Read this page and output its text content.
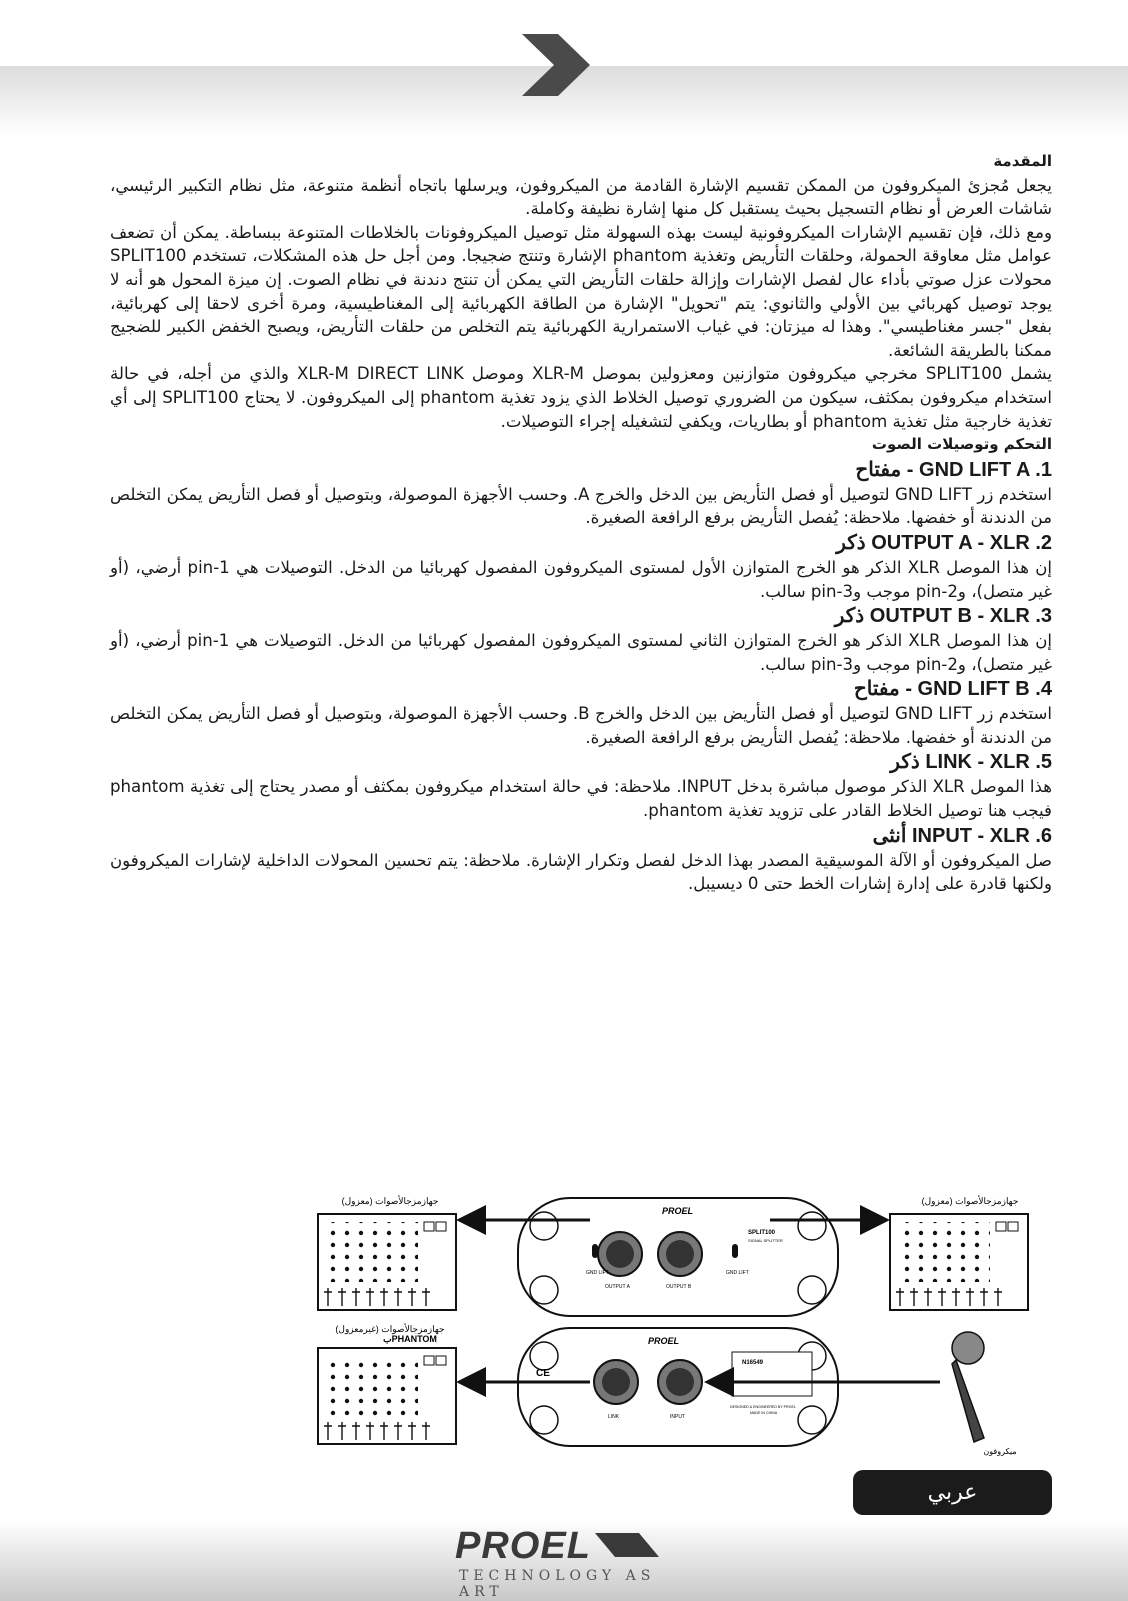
المقدمة

يجعل مُجزئ الميكروفون من الممكن تقسيم الإشارة القادمة من الميكروفون، ويرسلها باتجاه أنظمة متنوعة، مثل نظام التكبير الرئيسي، شاشات العرض أو نظام التسجيل بحيث يستقبل كل منها إشارة نظيفة وكاملة.

ومع ذلك، فإن تقسيم الإشارات الميكروفونية ليست بهذه السهولة مثل توصيل الميكروفونات بالخلاطات المتنوعة ببساطة. يمكن أن تضعف عوامل مثل معاوقة الحمولة، وحلقات التأريض وتغذية phantom الإشارة وتنتج ضجيجا. ومن أجل حل هذه المشكلات، تستخدم SPLIT100 محولات عزل صوتي بأداء عال لفصل الإشارات وإزالة حلقات التأريض التي يمكن أن تنتج دندنة في نظام الصوت. إن ميزة المحول هو أنه لا يوجد توصيل كهربائي بين الأولي والثانوي: يتم "تحويل" الإشارة من الطاقة الكهربائية إلى المغناطيسية، ومرة أخرى لاحقا إلى كهربائية، بفعل "جسر مغناطيسي". وهذا له ميزتان: في غياب الاستمرارية الكهربائية يتم التخلص من حلقات التأريض، ويصبح الخفض الكبير للضجيج ممكنا بالطريقة الشائعة.

يشمل SPLIT100 مخرجي ميكروفون متوازنين ومعزولين بموصل XLR-M وموصل XLR-M DIRECT LINK والذي من أجله، في حالة استخدام ميكروفون بمكثف، سيكون من الضروري توصيل الخلاط الذي يزود تغذية phantom إلى الميكروفون. لا يحتاج SPLIT100 إلى أي تغذية خارجية مثل تغذية phantom أو بطاريات، ويكفي لتشغيله إجراء التوصيلات.

التحكم وتوصيلات الصوت

GND LIFT A .1 - مفتاح

استخدم زر GND LIFT لتوصيل أو فصل التأريض بين الدخل والخرج A. وحسب الأجهزة الموصولة، وبتوصيل أو فصل التأريض يمكن التخلص من الدندنة أو خفضها. ملاحظة: يُفصل التأريض برفع الرافعة الصغيرة.

OUTPUT A - XLR .2 ذكر

إن هذا الموصل XLR الذكر هو الخرج المتوازن الأول لمستوى الميكروفون المفصول كهربائيا من الدخل. التوصيلات هي pin-1 أرضي، (أو غير متصل)، وpin-2 موجب وpin-3 سالب.

OUTPUT B - XLR .3 ذكر

إن هذا الموصل XLR الذكر هو الخرج المتوازن الثاني لمستوى الميكروفون المفصول كهربائيا من الدخل. التوصيلات هي pin-1 أرضي، (أو غير متصل)، وpin-2 موجب وpin-3 سالب.

GND LIFT B .4 - مفتاح

استخدم زر GND LIFT لتوصيل أو فصل التأريض بين الدخل والخرج B. وحسب الأجهزة الموصولة، وبتوصيل أو فصل التأريض يمكن التخلص من الدندنة أو خفضها. ملاحظة: يُفصل التأريض برفع الرافعة الصغيرة.

LINK - XLR .5 ذكر

هذا الموصل XLR الذكر موصول مباشرة بدخل INPUT. ملاحظة: في حالة استخدام ميكروفون بمكثف أو مصدر يحتاج إلى تغذية phantom فيجب هنا توصيل الخلاط القادر على تزويد تغذية phantom.

INPUT - XLR .6 أنثى

صل الميكروفون أو الآلة الموسيقية المصدر بهذا الدخل لفصل وتكرار الإشارة. ملاحظة: يتم تحسين المحولات الداخلية لإشارات الميكروفون ولكنها قادرة على إدارة إشارات الخط حتى 0 ديسيبل.

جهازمزجالأصوات (معزول)	جهازمزجالأصوات (معزول)
PROEL
GND LIFT
OUTPUT A	OUTPUT B
GND LIFT
SPLIT100
SIGNAL SPLITTER
جهازمزجالأصوات (غيرمعزول)
بPHANTOM	PROEL
CE
LINK	INPUT
N16549
DESIGNED & ENGINEERED BY PROEL
MADE IN CHINA
ميكروفون
عربي
PROEL
TECHNOLOGY AS ART
